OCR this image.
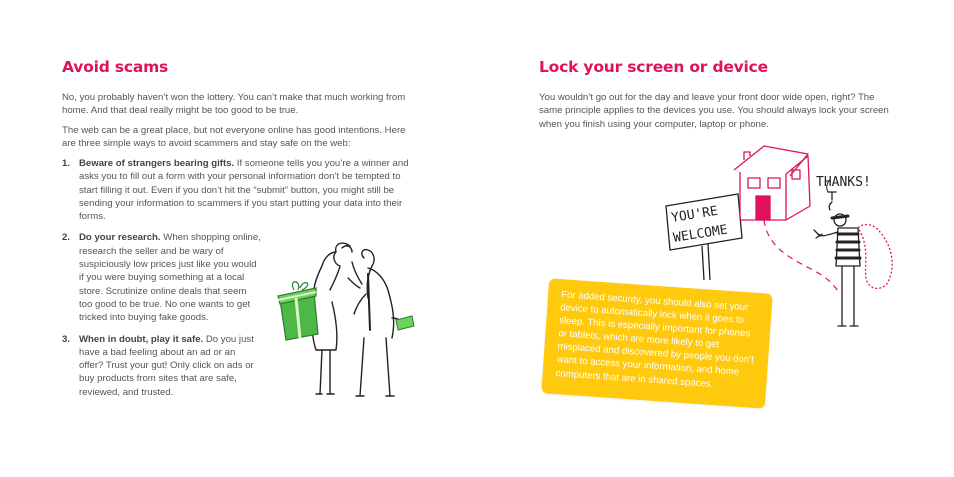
Avoid scams

No, you probably haven’t won the lottery. You can’t make that much working from home. And that deal really might be too good to be true.

The web can be a great place, but not everyone online has good intentions. Here are three simple ways to avoid scammers and stay safe on the web:

1. Beware of strangers bearing gifts. If someone tells you you’re a winner and asks you to fill out a form with your personal information don’t be tempted to start filling it out. Even if you don’t hit the “submit” button, you might still be sending your information to scammers if you start putting your data into their forms.
2. Do your research. When shopping online, research the seller and be wary of suspiciously low prices just like you would if you were buying something at a local store. Scrutinize online deals that seem too good to be true. No one wants to get tricked into buying fake goods.
3. When in doubt, play it safe. Do you just have a bad feeling about an ad or an offer? Trust your gut! Only click on ads or buy products from sites that are safe, reviewed, and trusted.
Lock your screen or device

You wouldn’t go out for the day and leave your front door wide open, right? The same principle applies to the devices you use. You should always lock your screen when you finish using your computer, laptop or phone.

YOU'RE
WELCOME
THANKS!

For added security, you should also set your device to automatically lock when it goes to sleep. This is especially important for phones or tablets, which are more likely to get misplaced and discovered by people you don’t want to access your information, and home computers that are in shared spaces.
